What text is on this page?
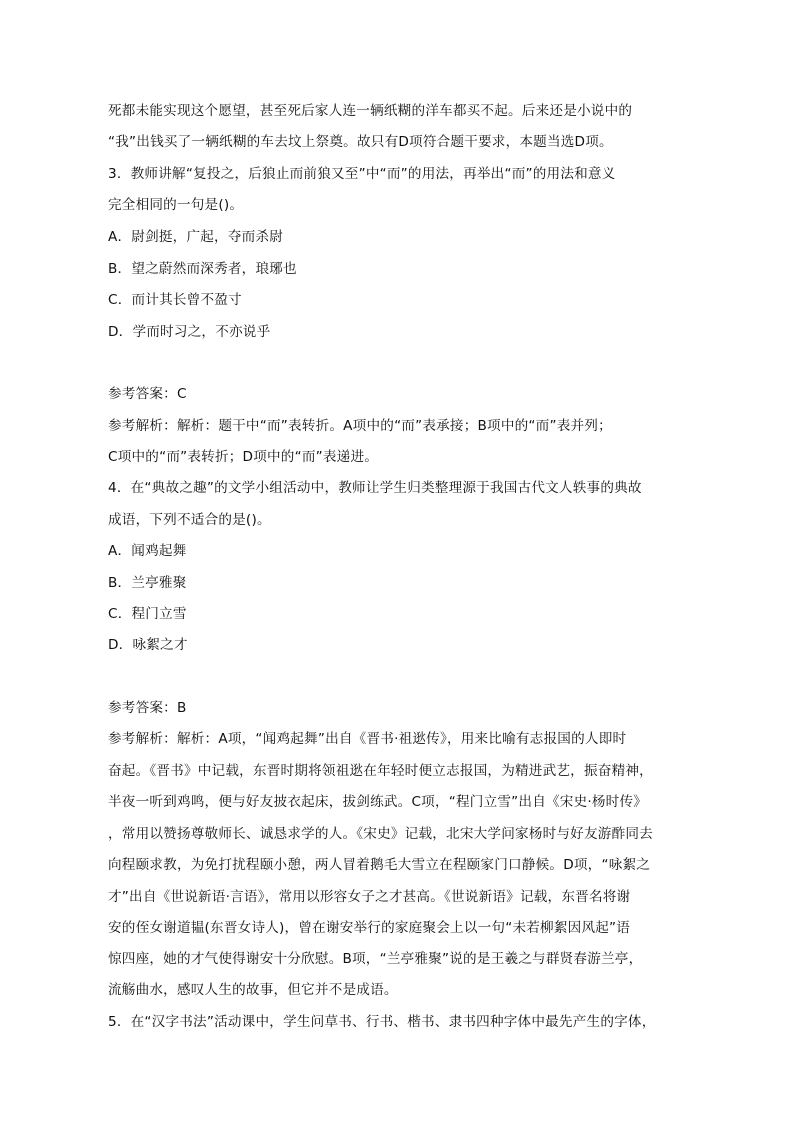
死都未能实现这个愿望，甚至死后家人连一辆纸糊的洋车都买不起。后来还是小说中的
“我”出钱买了一辆纸糊的车去坟上祭奠。故只有D项符合题干要求，本题当选D项。
3．教师讲解“复投之，后狼止而前狼又至”中“而”的用法，再举出“而”的用法和意义
完全相同的一句是()。
A．尉剑挺，广起，夺而杀尉
B．望之蔚然而深秀者，琅琊也
C．而计其长曾不盈寸
D．学而时习之，不亦说乎
参考答案：C
参考解析：解析：题干中“而”表转折。A项中的“而”表承接；B项中的“而”表并列；
C项中的“而”表转折；D项中的“而”表递进。
4．在“典故之趣”的文学小组活动中，教师让学生归类整理源于我国古代文人轶事的典故
成语，下列不适合的是()。
A．闻鸡起舞
B．兰亭雅聚
C．程门立雪
D．咏絮之才
参考答案：B
参考解析：解析：A项，“闻鸡起舞”出自《晋书·祖逖传》，用来比喻有志报国的人即时
奋起。《晋书》中记载，东晋时期将领祖逖在年轻时便立志报国，为精进武艺，振奋精神，
半夜一听到鸡鸣，便与好友披衣起床，拔剑练武。C项，“程门立雪”出自《宋史·杨时传》
，常用以赞扬尊敬师长、诚恳求学的人。《宋史》记载，北宋大学问家杨时与好友游酢同去
向程颐求教，为免打扰程颐小憩，两人冒着鹅毛大雪立在程颐家门口静候。D项，“咏絮之
才”出自《世说新语·言语》，常用以形容女子之才甚高。《世说新语》记载，东晋名将谢
安的侄女谢道韫(东晋女诗人)，曾在谢安举行的家庭聚会上以一句“未若柳絮因风起”语
惊四座，她的才气使得谢安十分欣慰。B项，“兰亭雅聚”说的是王羲之与群贤春游兰亭，
流觞曲水，感叹人生的故事，但它并不是成语。
5．在“汉字书法”活动课中，学生问草书、行书、楷书、隶书四种字体中最先产生的字体，
